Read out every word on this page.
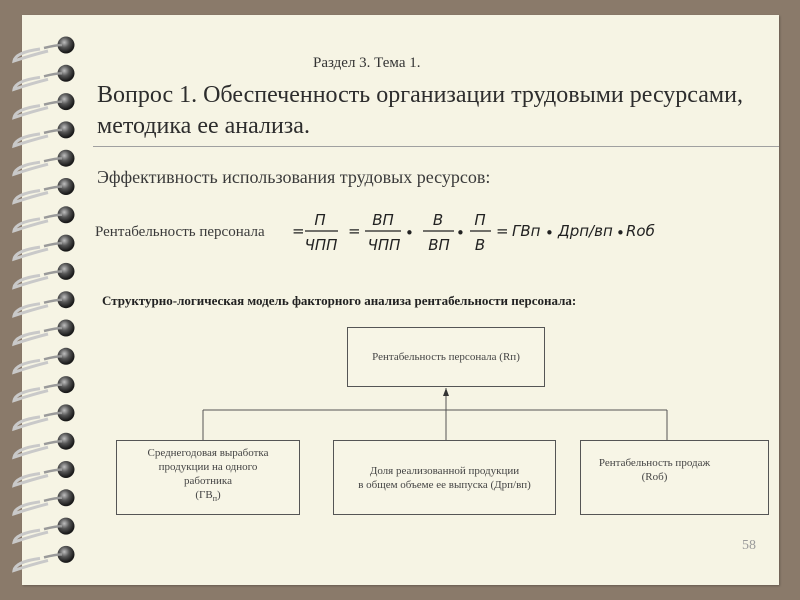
Раздел 3. Тема 1.
Вопрос 1. Обеспеченность организации трудовыми ресурсами, методика ее анализа.
Эффективность использования трудовых ресурсов:
Рентабельность персонала =
П
ЧПП
=
ВП
ЧПП
•
В
ВП
•
П
В
= ГВп • Дрп/вп • Rоб
Структурно-логическая модель факторного анализа рентабельности персонала:
Рентабельность персонала (Rп)
Среднегодовая выработка
продукции на одного
работника
$(ГВ_п)$
Доля реализованной продукции
в общем объеме ее выпуска (Дрп/вп)
Рентабельность продаж
(Rоб)
58
